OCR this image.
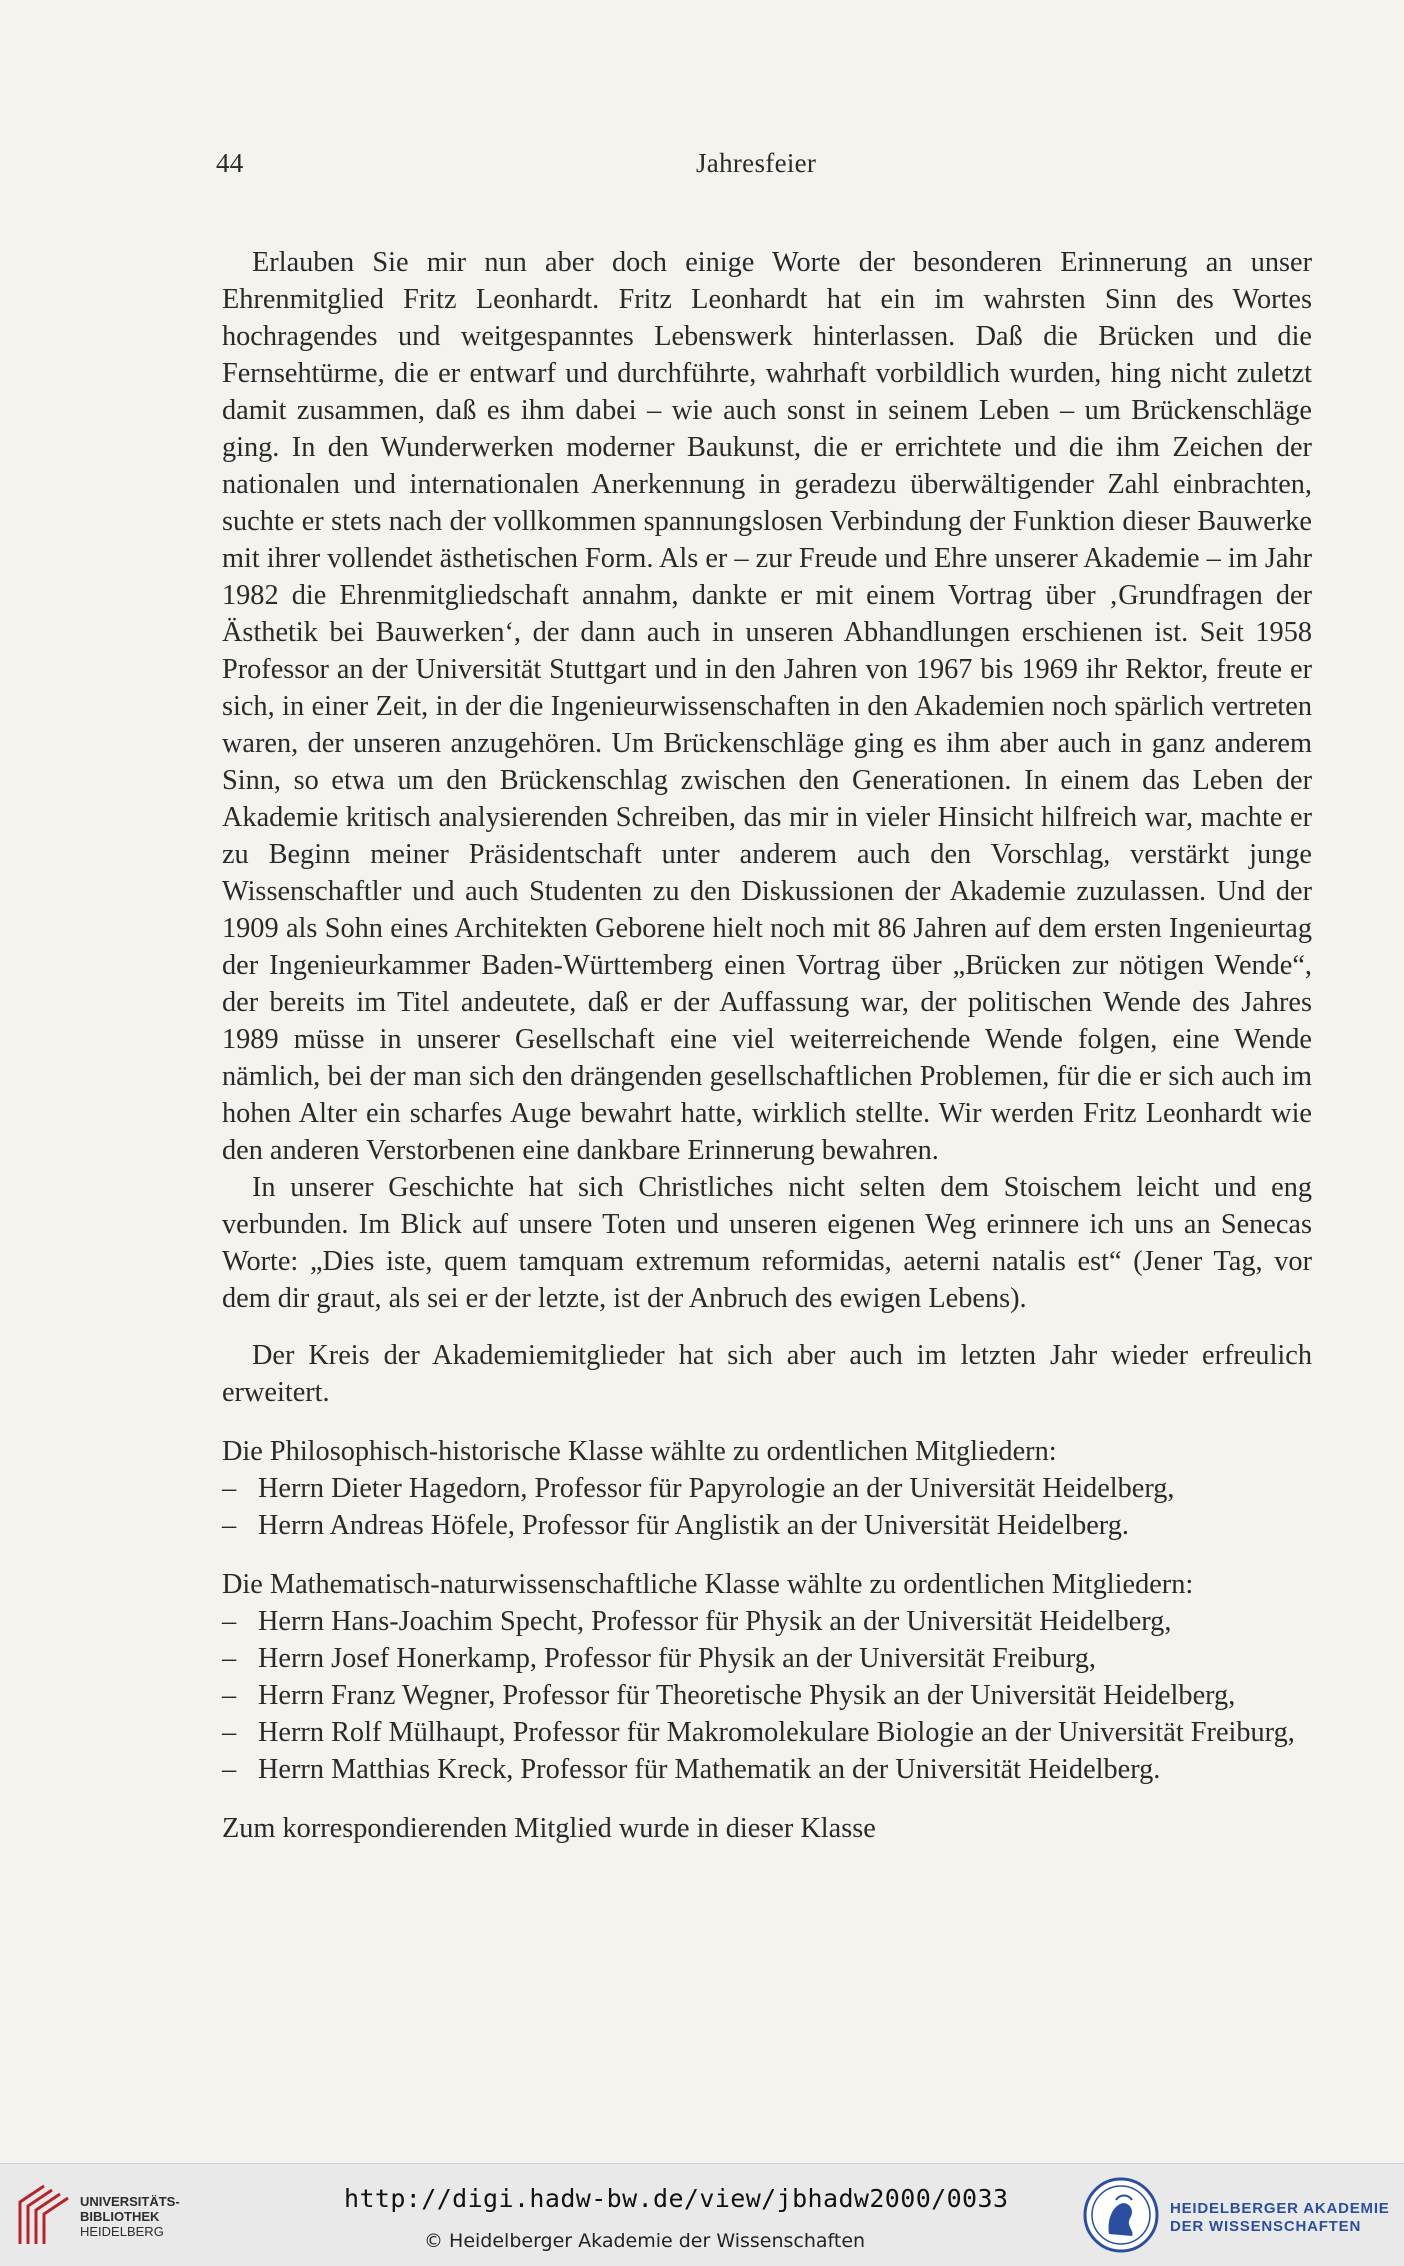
44	Jahresfeier

Erlauben Sie mir nun aber doch einige Worte der besonderen Erinnerung an unser Ehrenmitglied Fritz Leonhardt. Fritz Leonhardt hat ein im wahrsten Sinn des Wortes hochragendes und weitgespanntes Lebenswerk hinterlassen. Daß die Brücken und die Fernsehtürme, die er entwarf und durchführte, wahrhaft vorbildlich wurden, hing nicht zuletzt damit zusammen, daß es ihm dabei – wie auch sonst in seinem Leben – um Brückenschläge ging. In den Wunderwerken moderner Baukunst, die er errichtete und die ihm Zeichen der nationalen und internationalen Anerkennung in geradezu überwältigender Zahl einbrachten, suchte er stets nach der vollkommen spannungslosen Verbindung der Funktion dieser Bauwerke mit ihrer vollendet ästhetischen Form. Als er – zur Freude und Ehre unserer Akademie – im Jahr 1982 die Ehrenmitgliedschaft annahm, dankte er mit einem Vortrag über ‚Grundfragen der Ästhetik bei Bauwerken‘, der dann auch in unseren Abhandlungen erschienen ist. Seit 1958 Professor an der Universität Stuttgart und in den Jahren von 1967 bis 1969 ihr Rektor, freute er sich, in einer Zeit, in der die Ingenieurwissenschaften in den Akademien noch spärlich vertreten waren, der unseren anzugehören. Um Brückenschläge ging es ihm aber auch in ganz anderem Sinn, so etwa um den Brückenschlag zwischen den Generationen. In einem das Leben der Akademie kritisch analysierenden Schreiben, das mir in vieler Hinsicht hilfreich war, machte er zu Beginn meiner Präsidentschaft unter anderem auch den Vorschlag, verstärkt junge Wissenschaftler und auch Studenten zu den Diskussionen der Akademie zuzulassen. Und der 1909 als Sohn eines Architekten Geborene hielt noch mit 86 Jahren auf dem ersten Ingenieurtag der Ingenieurkammer Baden-Württemberg einen Vortrag über „Brücken zur nötigen Wende“, der bereits im Titel andeutete, daß er der Auffassung war, der politischen Wende des Jahres 1989 müsse in unserer Gesellschaft eine viel weiterreichende Wende folgen, eine Wende nämlich, bei der man sich den drängenden gesellschaftlichen Problemen, für die er sich auch im hohen Alter ein scharfes Auge bewahrt hatte, wirklich stellte. Wir werden Fritz Leonhardt wie den anderen Verstorbenen eine dankbare Erinnerung bewahren.

In unserer Geschichte hat sich Christliches nicht selten dem Stoischem leicht und eng verbunden. Im Blick auf unsere Toten und unseren eigenen Weg erinnere ich uns an Senecas Worte: „Dies iste, quem tamquam extremum reformidas, aeterni natalis est“ (Jener Tag, vor dem dir graut, als sei er der letzte, ist der Anbruch des ewigen Lebens).

Der Kreis der Akademiemitglieder hat sich aber auch im letzten Jahr wieder erfreulich erweitert.

Die Philosophisch-historische Klasse wählte zu ordentlichen Mitgliedern:

– Herrn Dieter Hagedorn, Professor für Papyrologie an der Universität Heidelberg,
– Herrn Andreas Höfele, Professor für Anglistik an der Universität Heidelberg.

Die Mathematisch-naturwissenschaftliche Klasse wählte zu ordentlichen Mitgliedern:

– Herrn Hans-Joachim Specht, Professor für Physik an der Universität Heidelberg,
– Herrn Josef Honerkamp, Professor für Physik an der Universität Freiburg,
– Herrn Franz Wegner, Professor für Theoretische Physik an der Universität Heidelberg,
– Herrn Rolf Mülhaupt, Professor für Makromolekulare Biologie an der Universität Freiburg,
– Herrn Matthias Kreck, Professor für Mathematik an der Universität Heidelberg.

Zum korrespondierenden Mitglied wurde in dieser Klasse

UNIVERSITÄTS-
BIBLIOTHEK
HEIDELBERG
http://digi.hadw-bw.de/view/jbhadw2000/0033
© Heidelberger Akademie der Wissenschaften
HEIDELBERGER AKADEMIE
DER WISSENSCHAFTEN
